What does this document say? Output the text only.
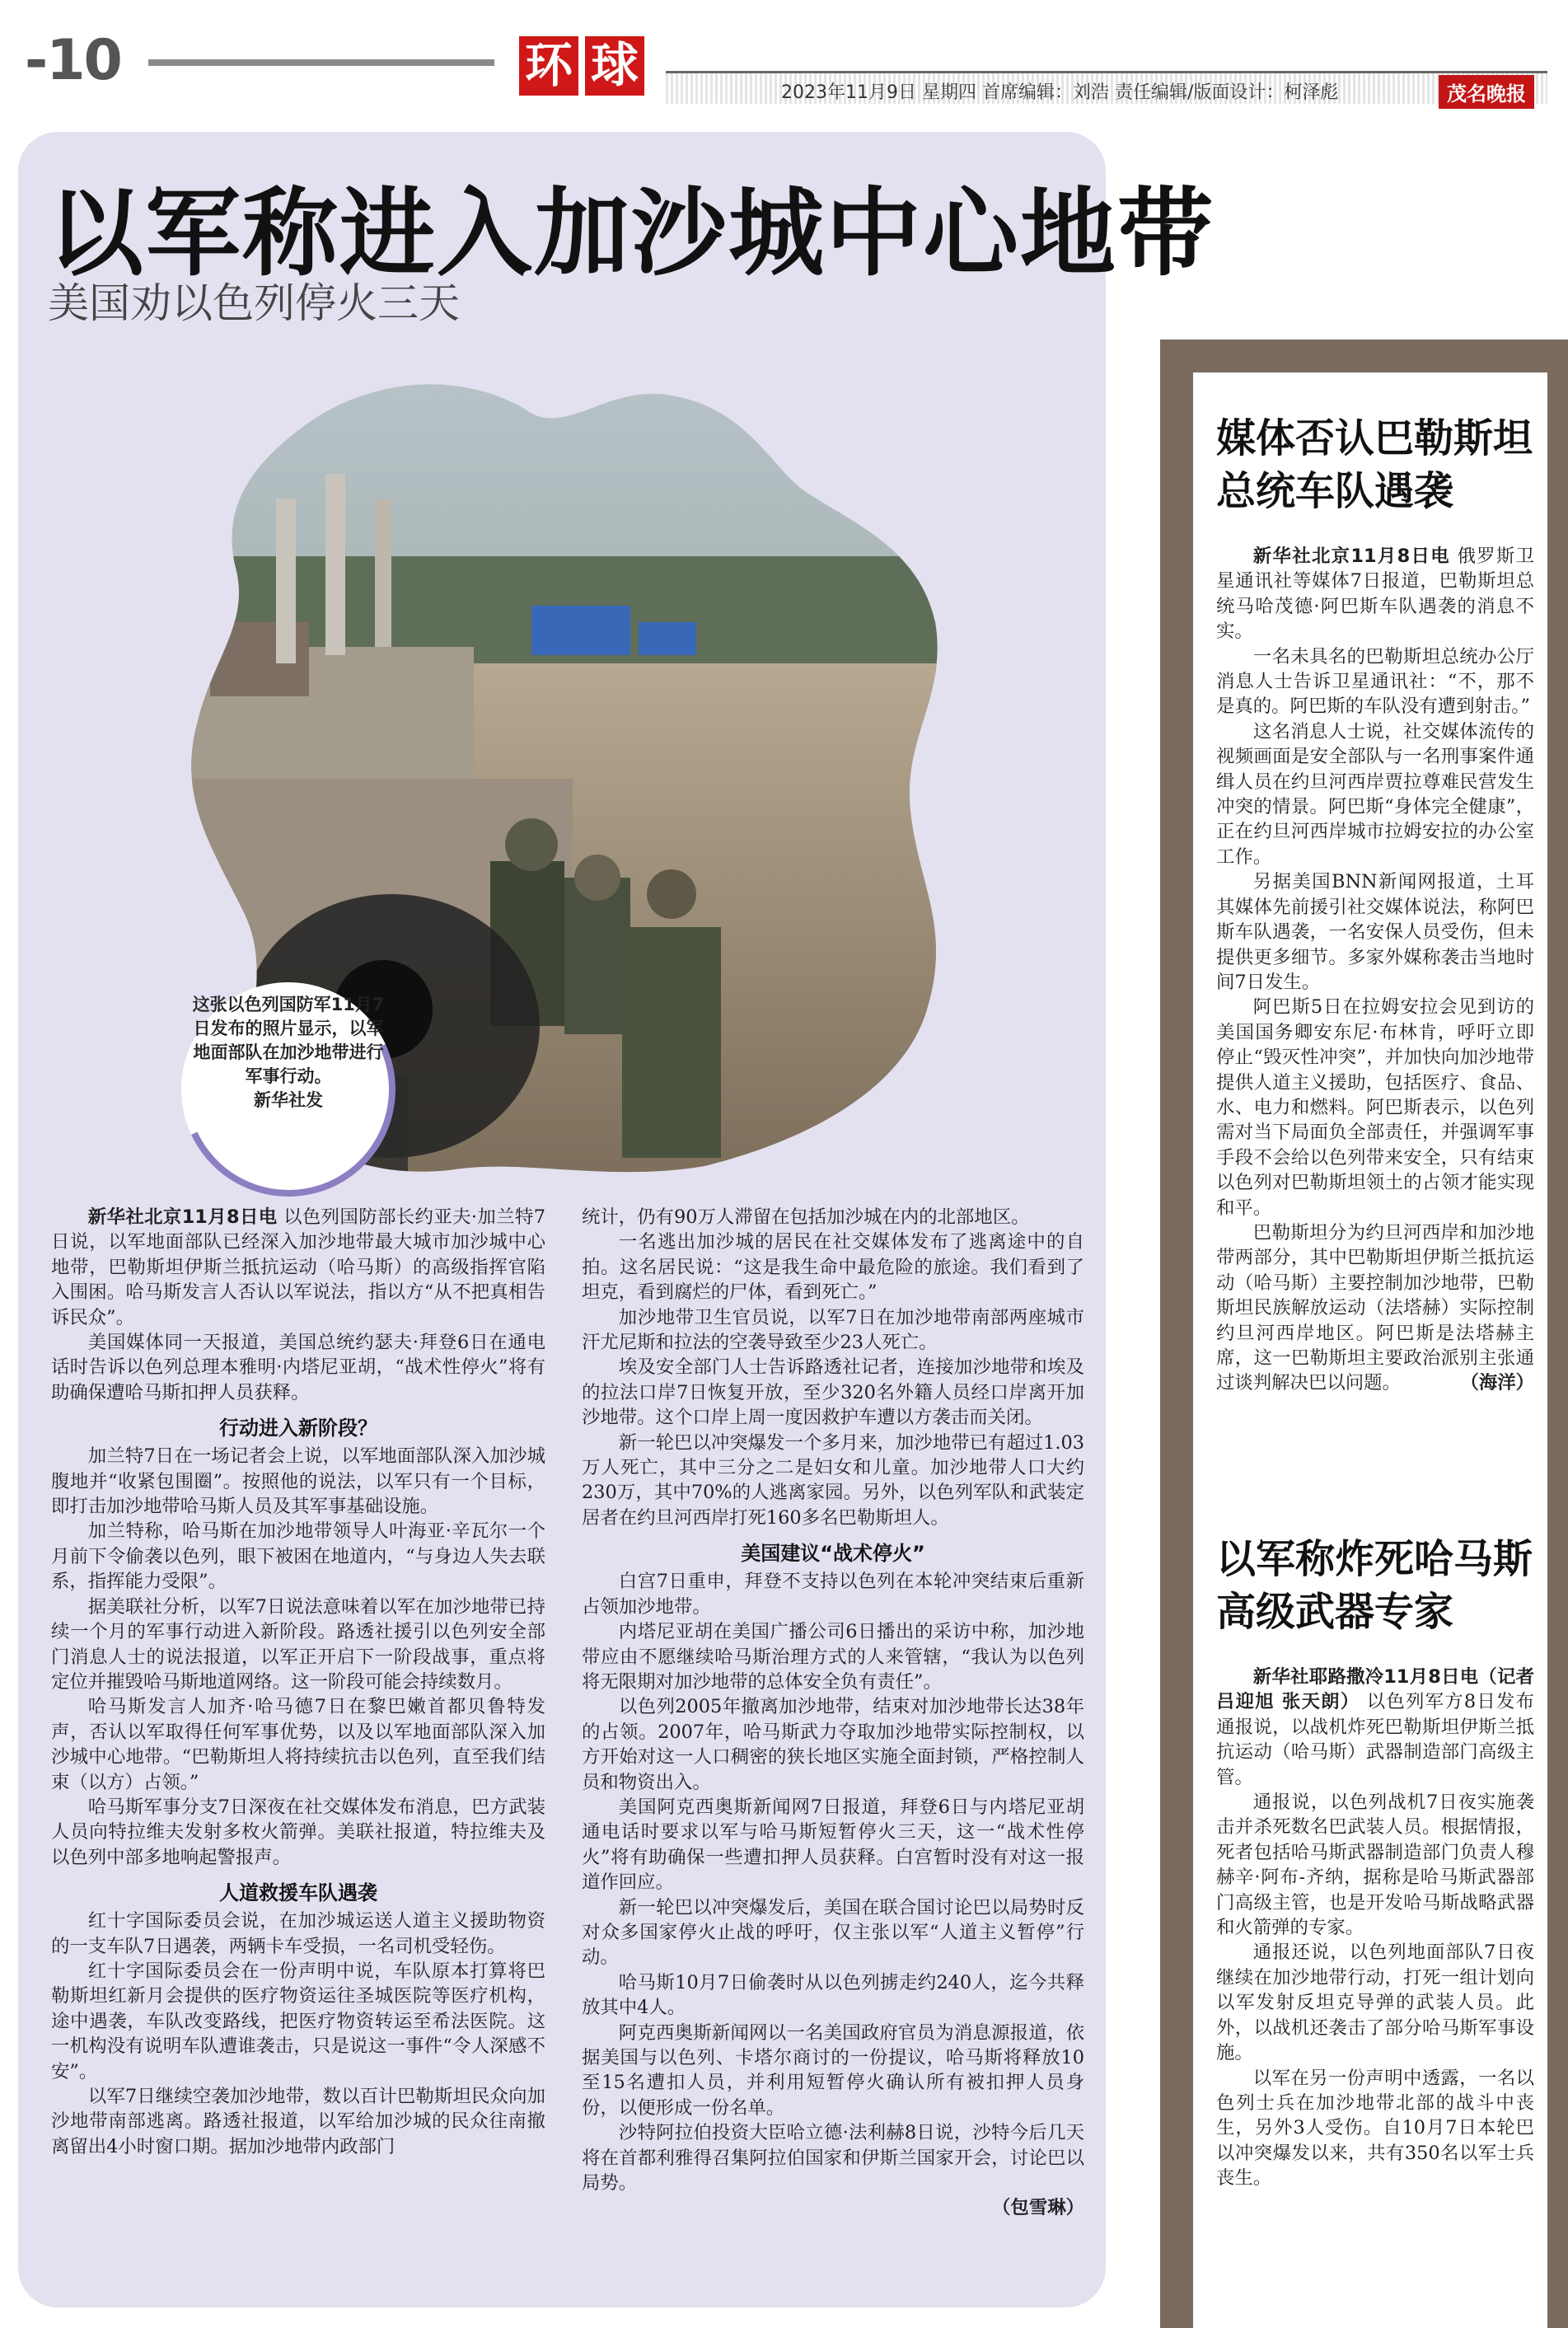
-10	环 球	2023年11月9日 星期四 首席编辑：刘浩 责任编辑/版面设计：柯泽彪	茂名晚报
以军称进入加沙城中心地带
美国劝以色列停火三天
这张以色列国防军11月7日发布的照片显示，以军地面部队在加沙地带进行军事行动。
新华社发

新华社北京11月8日电 以色列国防部长约亚夫·加兰特7日说，以军地面部队已经深入加沙地带最大城市加沙城中心地带，巴勒斯坦伊斯兰抵抗运动（哈马斯）的高级指挥官陷入围困。哈马斯发言人否认以军说法，指以方“从不把真相告诉民众”。

美国媒体同一天报道，美国总统约瑟夫·拜登6日在通电话时告诉以色列总理本雅明·内塔尼亚胡，“战术性停火”将有助确保遭哈马斯扣押人员获释。

行动进入新阶段？

加兰特7日在一场记者会上说，以军地面部队深入加沙城腹地并“收紧包围圈”。按照他的说法，以军只有一个目标，即打击加沙地带哈马斯人员及其军事基础设施。

加兰特称，哈马斯在加沙地带领导人叶海亚·辛瓦尔一个月前下令偷袭以色列，眼下被困在地道内，“与身边人失去联系，指挥能力受限”。

据美联社分析，以军7日说法意味着以军在加沙地带已持续一个月的军事行动进入新阶段。路透社援引以色列安全部门消息人士的说法报道，以军正开启下一阶段战事，重点将定位并摧毁哈马斯地道网络。这一阶段可能会持续数月。

哈马斯发言人加齐·哈马德7日在黎巴嫩首都贝鲁特发声，否认以军取得任何军事优势，以及以军地面部队深入加沙城中心地带。“巴勒斯坦人将持续抗击以色列，直至我们结束（以方）占领。”

哈马斯军事分支7日深夜在社交媒体发布消息，巴方武装人员向特拉维夫发射多枚火箭弹。美联社报道，特拉维夫及以色列中部多地响起警报声。

人道救援车队遇袭

红十字国际委员会说，在加沙城运送人道主义援助物资的一支车队7日遇袭，两辆卡车受损，一名司机受轻伤。

红十字国际委员会在一份声明中说，车队原本打算将巴勒斯坦红新月会提供的医疗物资运往圣城医院等医疗机构，途中遇袭，车队改变路线，把医疗物资转运至希法医院。这一机构没有说明车队遭谁袭击，只是说这一事件“令人深感不安”。

以军7日继续空袭加沙地带，数以百计巴勒斯坦民众向加沙地带南部逃离。路透社报道，以军给加沙城的民众往南撤离留出4小时窗口期。据加沙地带内政部门

统计，仍有90万人滞留在包括加沙城在内的北部地区。

一名逃出加沙城的居民在社交媒体发布了逃离途中的自拍。这名居民说：“这是我生命中最危险的旅途。我们看到了坦克，看到腐烂的尸体，看到死亡。”

加沙地带卫生官员说，以军7日在加沙地带南部两座城市汗尤尼斯和拉法的空袭导致至少23人死亡。

埃及安全部门人士告诉路透社记者，连接加沙地带和埃及的拉法口岸7日恢复开放，至少320名外籍人员经口岸离开加沙地带。这个口岸上周一度因救护车遭以方袭击而关闭。

新一轮巴以冲突爆发一个多月来，加沙地带已有超过1.03万人死亡，其中三分之二是妇女和儿童。加沙地带人口大约230万，其中70%的人逃离家园。另外，以色列军队和武装定居者在约旦河西岸打死160多名巴勒斯坦人。

美国建议“战术停火”

白宫7日重申，拜登不支持以色列在本轮冲突结束后重新占领加沙地带。

内塔尼亚胡在美国广播公司6日播出的采访中称，加沙地带应由不愿继续哈马斯治理方式的人来管辖，“我认为以色列将无限期对加沙地带的总体安全负有责任”。

以色列2005年撤离加沙地带，结束对加沙地带长达38年的占领。2007年，哈马斯武力夺取加沙地带实际控制权，以方开始对这一人口稠密的狭长地区实施全面封锁，严格控制人员和物资出入。

美国阿克西奥斯新闻网7日报道，拜登6日与内塔尼亚胡通电话时要求以军与哈马斯短暂停火三天，这一“战术性停火”将有助确保一些遭扣押人员获释。白宫暂时没有对这一报道作回应。

新一轮巴以冲突爆发后，美国在联合国讨论巴以局势时反对众多国家停火止战的呼吁，仅主张以军“人道主义暂停”行动。

哈马斯10月7日偷袭时从以色列掳走约240人，迄今共释放其中4人。

阿克西奥斯新闻网以一名美国政府官员为消息源报道，依据美国与以色列、卡塔尔商讨的一份提议，哈马斯将释放10至15名遭扣人员，并利用短暂停火确认所有被扣押人员身份，以便形成一份名单。

沙特阿拉伯投资大臣哈立德·法利赫8日说，沙特今后几天将在首都利雅得召集阿拉伯国家和伊斯兰国家开会，讨论巴以局势。

（包雪琳）

媒体否认巴勒斯坦总统车队遇袭

新华社北京11月8日电 俄罗斯卫星通讯社等媒体7日报道，巴勒斯坦总统马哈茂德·阿巴斯车队遇袭的消息不实。

一名未具名的巴勒斯坦总统办公厅消息人士告诉卫星通讯社：“不，那不是真的。阿巴斯的车队没有遭到射击。”

这名消息人士说，社交媒体流传的视频画面是安全部队与一名刑事案件通缉人员在约旦河西岸贾拉尊难民营发生冲突的情景。阿巴斯“身体完全健康”，正在约旦河西岸城市拉姆安拉的办公室工作。

另据美国BNN新闻网报道，土耳其媒体先前援引社交媒体说法，称阿巴斯车队遇袭，一名安保人员受伤，但未提供更多细节。多家外媒称袭击当地时间7日发生。

阿巴斯5日在拉姆安拉会见到访的美国国务卿安东尼·布林肯，呼吁立即停止“毁灭性冲突”，并加快向加沙地带提供人道主义援助，包括医疗、食品、水、电力和燃料。阿巴斯表示，以色列需对当下局面负全部责任，并强调军事手段不会给以色列带来安全，只有结束以色列对巴勒斯坦领土的占领才能实现和平。

巴勒斯坦分为约旦河西岸和加沙地带两部分，其中巴勒斯坦伊斯兰抵抗运动（哈马斯）主要控制加沙地带，巴勒斯坦民族解放运动（法塔赫）实际控制约旦河西岸地区。阿巴斯是法塔赫主席，这一巴勒斯坦主要政治派别主张通过谈判解决巴以问题。	（海洋）

以军称炸死哈马斯高级武器专家

新华社耶路撒冷11月8日电（记者吕迎旭 张天朗） 以色列军方8日发布通报说，以战机炸死巴勒斯坦伊斯兰抵抗运动（哈马斯）武器制造部门高级主管。

通报说，以色列战机7日夜实施袭击并杀死数名巴武装人员。根据情报，死者包括哈马斯武器制造部门负责人穆赫辛·阿布-齐纳，据称是哈马斯武器部门高级主管，也是开发哈马斯战略武器和火箭弹的专家。

通报还说，以色列地面部队7日夜继续在加沙地带行动，打死一组计划向以军发射反坦克导弹的武装人员。此外，以战机还袭击了部分哈马斯军事设施。

以军在另一份声明中透露，一名以色列士兵在加沙地带北部的战斗中丧生，另外3人受伤。自10月7日本轮巴以冲突爆发以来，共有350名以军士兵丧生。
